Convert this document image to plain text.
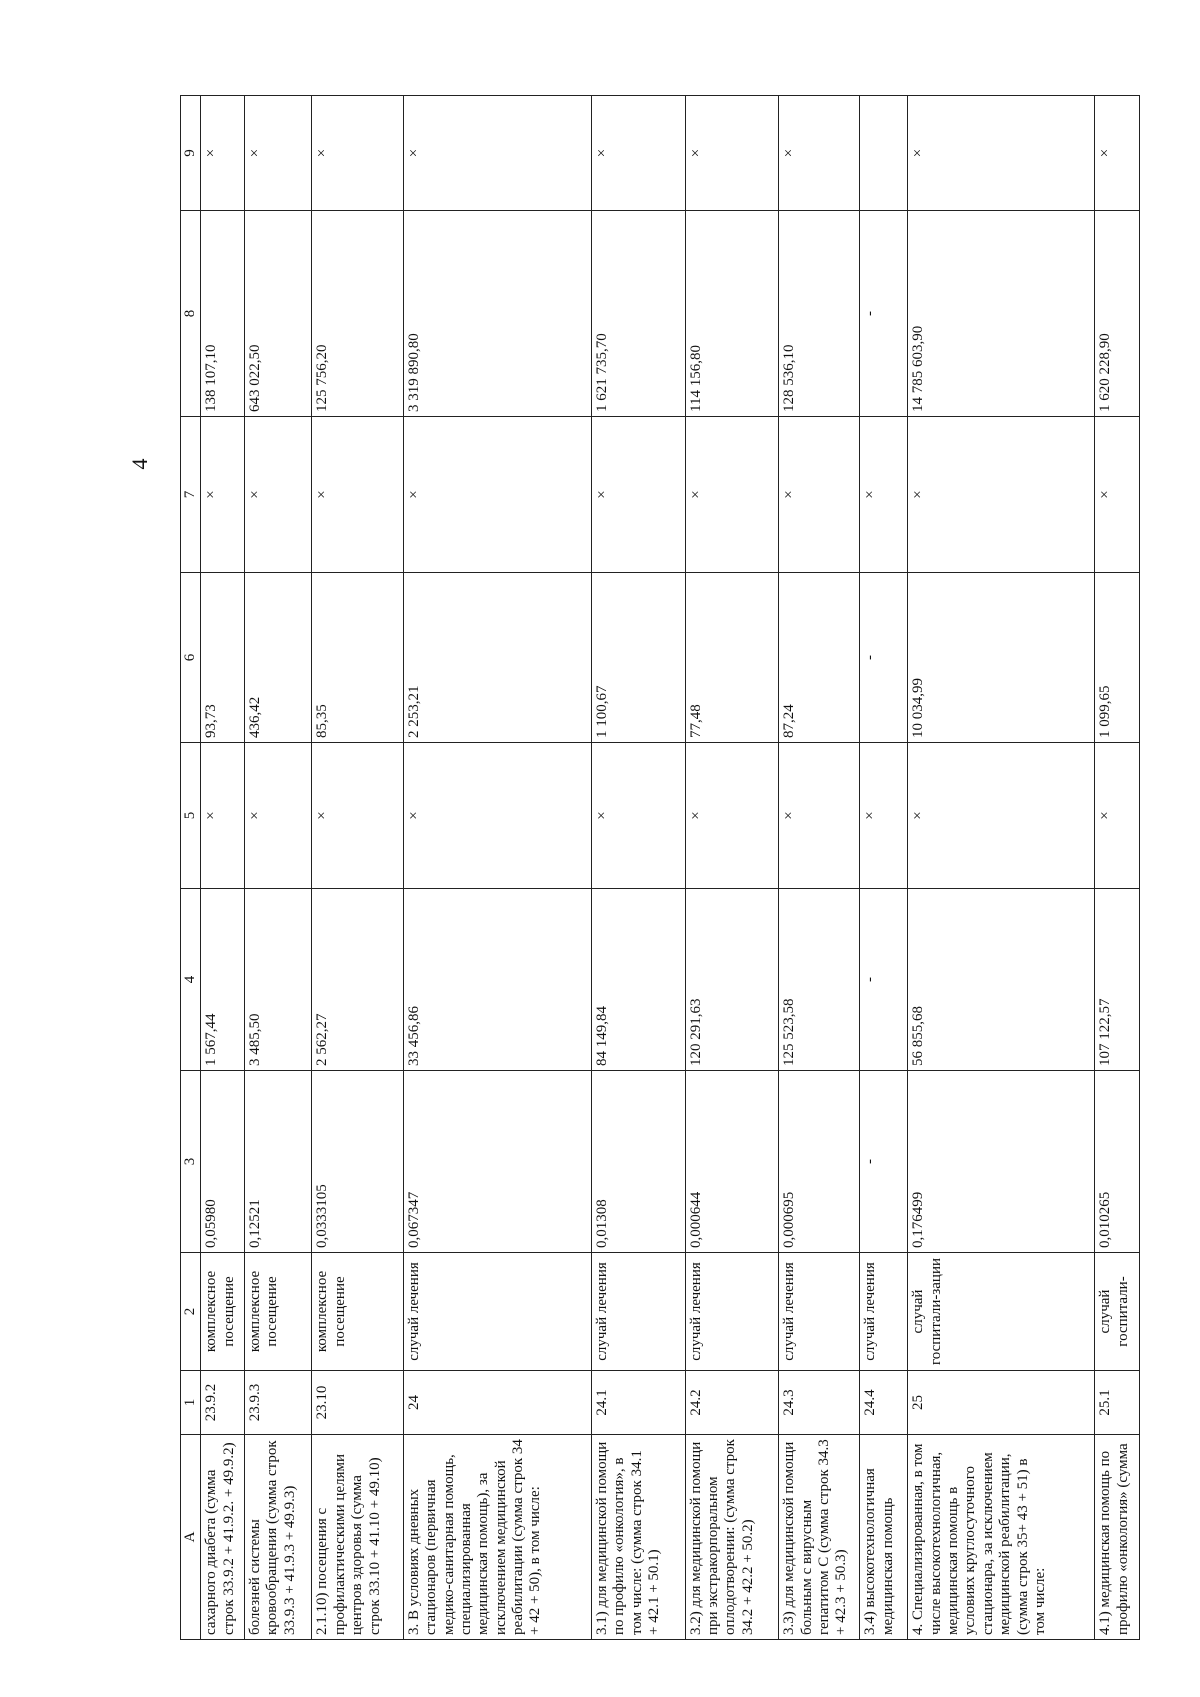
4
А	1	2	3	4	5	6	7	8	9
сахарного диабета (сумма строк 33.9.2 + 41.9.2. + 49.9.2)	23.9.2	комплексное посещение	0,05980	1 567,44	×	93,73	×	138 107,10	×
болезней системы кровообращения (сумма строк 33.9.3 + 41.9.3 + 49.9.3)	23.9.3	комплексное посещение	0,12521	3 485,50	×	436,42	×	643 022,50	×
2.1.10) посещения с профилактическими целями центров здоровья (сумма строк 33.10 + 41.10 + 49.10)	23.10	комплексное посещение	0,0333105	2 562,27	×	85,35	×	125 756,20	×
3. В условиях дневных стационаров (первичная медико-санитарная помощь, специализированная медицинская помощь), за исключением медицинской реабилитации (сумма строк 34 + 42 + 50), в том числе:	24	случай лечения	0,067347	33 456,86	×	2 253,21	×	3 319 890,80	×
3.1) для медицинской помощи по профилю «онкология», в том числе: (сумма строк 34.1 + 42.1 + 50.1)	24.1	случай лечения	0,01308	84 149,84	×	1 100,67	×	1 621 735,70	×
3.2) для медицинской помощи при экстракорпоральном оплодотворении: (сумма строк 34.2 + 42.2 + 50.2)	24.2	случай лечения	0,000644	120 291,63	×	77,48	×	114 156,80	×
3.3) для медицинской помощи больным с вирусным гепатитом С (сумма строк 34.3 + 42.3 + 50.3)	24.3	случай лечения	0,000695	125 523,58	×	87,24	×	128 536,10	×
3.4) высокотехнологичная медицинская помощь	24.4	случай лечения	-	-	×	-	×	-	
4. Специализированная, в том числе высокотехнологичная, медицинская помощь в условиях круглосуточного стационара, за исключением медицинской реабилитации, (сумма строк 35+ 43 + 51) в том числе:	25	случай госпитали-зации	0,176499	56 855,68	×	10 034,99	×	14 785 603,90	×
4.1) медицинская помощь по профилю «онкология» (сумма	25.1	случай госпитали-	0,010265	107 122,57	×	1 099,65	×	1 620 228,90	×
